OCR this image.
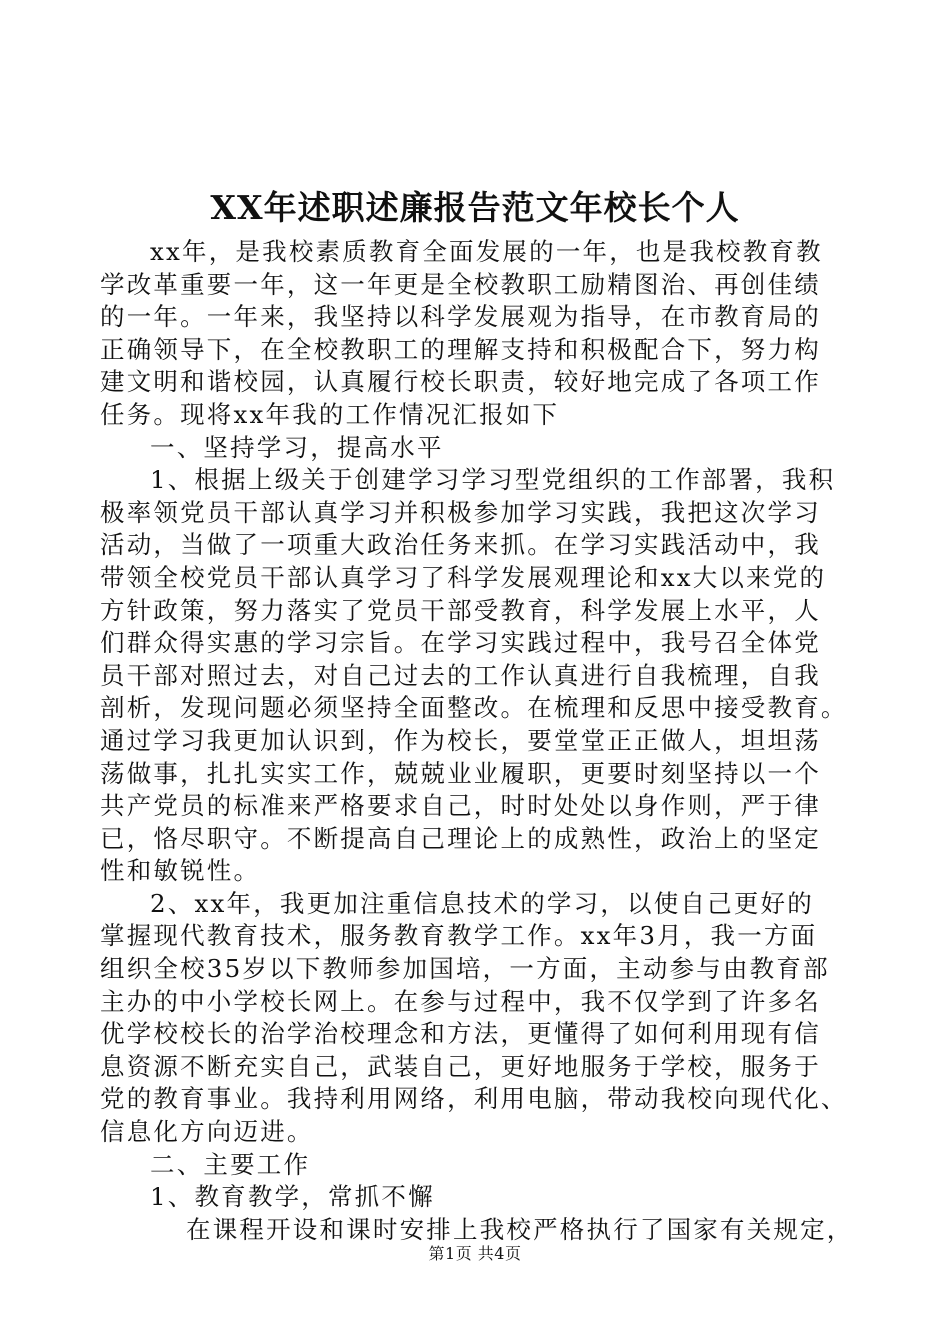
XX年述职述廉报告范文年校长个人
xx年，是我校素质教育全面发展的一年，也是我校教育教
学改革重要一年，这一年更是全校教职工励精图治、再创佳绩
的一年。一年来，我坚持以科学发展观为指导，在市教育局的
正确领导下，在全校教职工的理解支持和积极配合下，努力构
建文明和谐校园，认真履行校长职责，较好地完成了各项工作
任务。现将xx年我的工作情况汇报如下
一、坚持学习，提高水平
1、根据上级关于创建学习学习型党组织的工作部署，我积
极率领党员干部认真学习并积极参加学习实践，我把这次学习
活动，当做了一项重大政治任务来抓。在学习实践活动中，我
带领全校党员干部认真学习了科学发展观理论和xx大以来党的
方针政策，努力落实了党员干部受教育，科学发展上水平，人
们群众得实惠的学习宗旨。在学习实践过程中，我号召全体党
员干部对照过去，对自己过去的工作认真进行自我梳理，自我
剖析，发现问题必须坚持全面整改。在梳理和反思中接受教育。
通过学习我更加认识到，作为校长，要堂堂正正做人，坦坦荡
荡做事，扎扎实实工作，兢兢业业履职，更要时刻坚持以一个
共产党员的标准来严格要求自己，时时处处以身作则，严于律
已，恪尽职守。不断提高自己理论上的成熟性，政治上的坚定
性和敏锐性。
2、xx年，我更加注重信息技术的学习，以使自己更好的
掌握现代教育技术，服务教育教学工作。xx年3月，我一方面
组织全校35岁以下教师参加国培，一方面，主动参与由教育部
主办的中小学校长网上。在参与过程中，我不仅学到了许多名
优学校校长的治学治校理念和方法，更懂得了如何利用现有信
息资源不断充实自己，武装自己，更好地服务于学校，服务于
党的教育事业。我持利用网络，利用电脑，带动我校向现代化、
信息化方向迈进。
二、主要工作
1、教育教学，常抓不懈
在课程开设和课时安排上我校严格执行了国家有关规定，
第1页 共4页
